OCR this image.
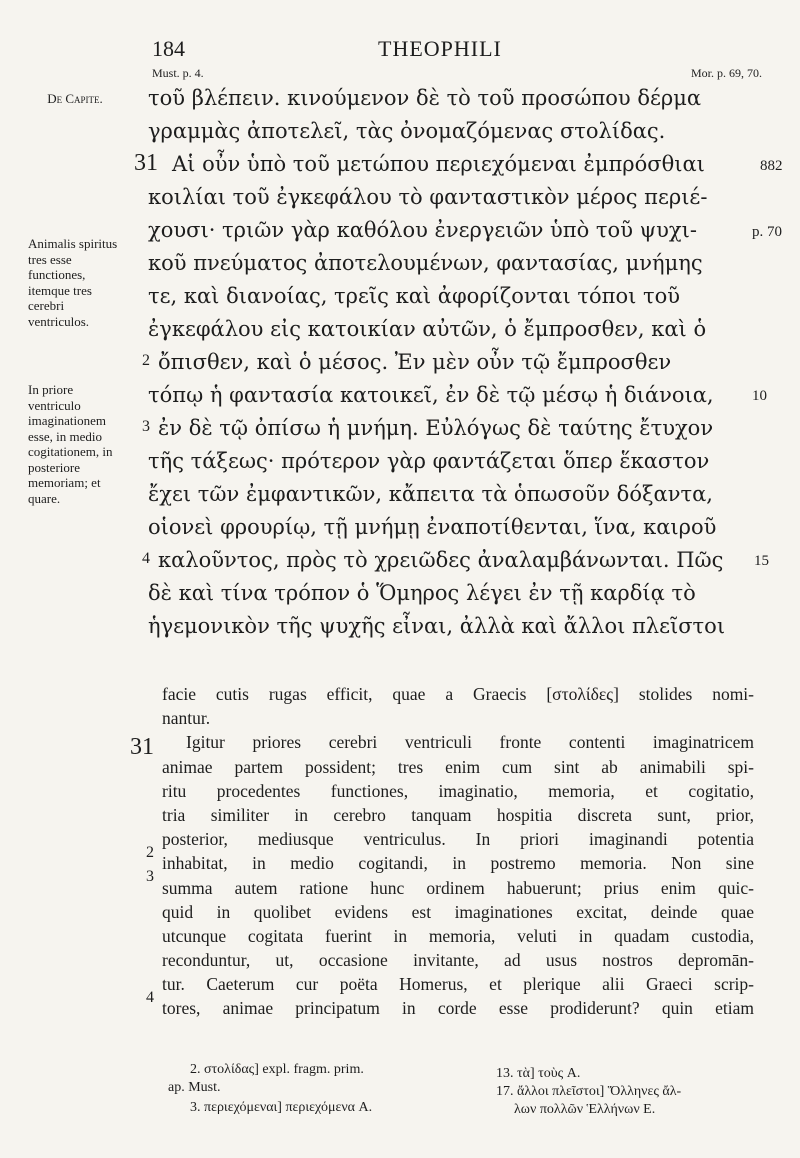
184	THEOPHILI
Must. p. 4.	Mor. p. 69, 70.
De Capite.
Animalis spiritus tres esse functiones, itemque tres cerebri ventriculos.
In priore ventriculo imaginationem esse, in medio cogitationem, in posteriore memoriam; et quare.
τοῦ βλέπειν. κινούμενον δὲ τὸ τοῦ προσώπου δέρμα
γραμμὰς ἀποτελεῖ, τὰς ὀνομαζόμενας στολίδας.
Αἱ οὖν ὑπὸ τοῦ μετώπου περιεχόμεναι ἐμπρόσθιαι
κοιλίαι τοῦ ἐγκεφάλου τὸ φανταστικὸν μέρος περιέ-
χουσι· τριῶν γὰρ καθόλου ἐνεργειῶν ὑπὸ τοῦ ψυχι-
κοῦ πνεύματος ἀποτελουμένων, φαντασίας, μνήμης
τε, καὶ διανοίας, τρεῖς καὶ ἀφορίζονται τόποι τοῦ
ἐγκεφάλου εἰς κατοικίαν αὐτῶν, ὁ ἔμπροσθεν, καὶ ὁ
ὄπισθεν, καὶ ὁ μέσος. Ἐν μὲν οὖν τῷ ἔμπροσθεν
τόπῳ ἡ φαντασία κατοικεῖ, ἐν δὲ τῷ μέσῳ ἡ διάνοια,
ἐν δὲ τῷ ὀπίσω ἡ μνήμη. Εὐλόγως δὲ ταύτης ἔτυχον
τῆς τάξεως· πρότερον γὰρ φαντάζεται ὅπερ ἕκαστον
ἔχει τῶν ἐμφαντικῶν, κἄπειτα τὰ ὁπωσοῦν δόξαντα,
οἱονεὶ φρουρίῳ, τῇ μνήμῃ ἐναποτίθενται, ἵνα, καιροῦ
καλοῦντος, πρὸς τὸ χρειῶδες ἀναλαμβάνωνται. Πῶς
δὲ καὶ τίνα τρόπον ὁ Ὅμηρος λέγει ἐν τῇ καρδίᾳ τὸ
ἡγεμονικὸν τῆς ψυχῆς εἶναι, ἀλλὰ καὶ ἄλλοι πλεῖστοι
31
2
3
4
882
p. 70
10
15
facie cutis rugas efficit, quae a Graecis [στολίδες] stolides nomi-
nantur.
Igitur priores cerebri ventriculi fronte contenti imaginatricem
animae partem possident; tres enim cum sint ab animabili spi-
ritu procedentes functiones, imaginatio, memoria, et cogitatio,
tria similiter in cerebro tanquam hospitia discreta sunt, prior,
posterior, mediusque ventriculus. In priori imaginandi potentia
inhabitat, in medio cogitandi, in postremo memoria. Non sine
summa autem ratione hunc ordinem habuerunt; prius enim quic-
quid in quolibet evidens est imaginationes excitat, deinde quae
utcunque cogitata fuerint in memoria, veluti in quadam custodia,
reconduntur, ut, occasione invitante, ad usus nostros depromān-
tur. Caeterum cur poëta Homerus, et plerique alii Graeci scrip-
tores, animae principatum in corde esse prodiderunt? quin etiam
31
2
3
4
2. στολίδας] expl. fragm. prim.
ap. Must.
3. περιεχόμεναι] περιεχόμενα A.
13. τὰ] τοὺς A.
17. ἄλλοι πλεῖστοι] Ὅλληνες ἄλ-
λων πολλῶν Ἑλλήνων E.
